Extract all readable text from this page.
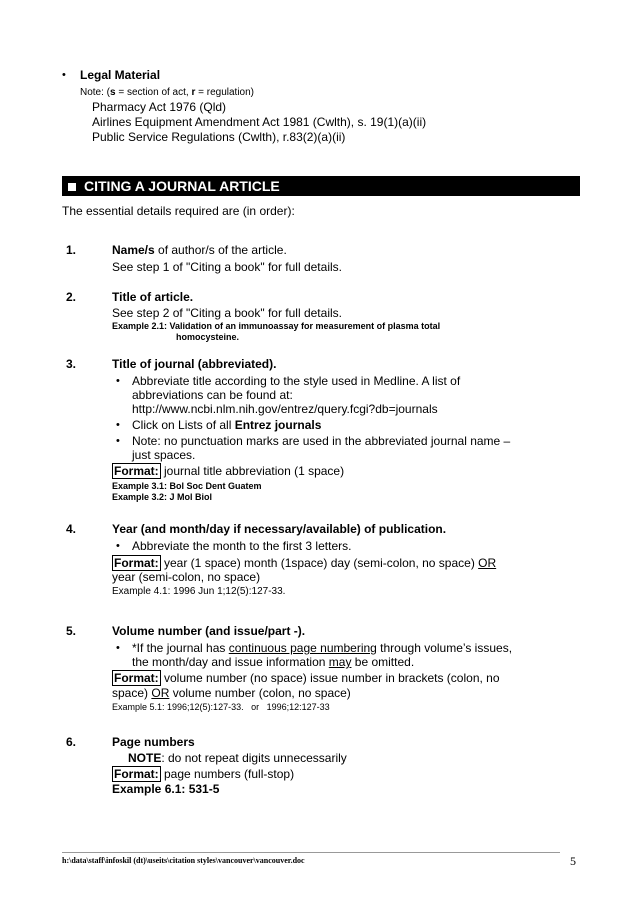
• Legal Material
Note: (s = section of act, r = regulation)
Pharmacy Act 1976 (Qld)
Airlines Equipment Amendment Act 1981 (Cwlth), s. 19(1)(a)(ii)
Public Service Regulations (Cwlth), r.83(2)(a)(ii)
CITING A JOURNAL ARTICLE
The essential details required are (in order):
1.	Name/s of author/s of the article.
See step 1 of "Citing a book" for full details.
2.	Title of article.
See step 2 of "Citing a book" for full details.
Example 2.1: Validation of an immunoassay for measurement of plasma total
homocysteine.
3.	Title of journal (abbreviated).
• Abbreviate title according to the style used in Medline. A list of
abbreviations can be found at:
http://www.ncbi.nlm.nih.gov/entrez/query.fcgi?db=journals
• Click on Lists of all Entrez journals
• Note: no punctuation marks are used in the abbreviated journal name –
just spaces.
Format: journal title abbreviation (1 space)
Example 3.1: Bol Soc Dent Guatem
Example 3.2: J Mol Biol
4.	Year (and month/day if necessary/available) of publication.
• Abbreviate the month to the first 3 letters.
Format: year (1 space) month (1space) day (semi-colon, no space) OR
year (semi-colon, no space)
Example 4.1: 1996 Jun 1;12(5):127-33.
5.	Volume number (and issue/part -).
• *If the journal has continuous page numbering through volume’s issues,
the month/day and issue information may be omitted.
Format: volume number (no space) issue number in brackets (colon, no
space) OR volume number (colon, no space)
Example 5.1: 1996;12(5):127-33.   or   1996;12:127-33
6.	Page numbers
NOTE: do not repeat digits unnecessarily
Format: page numbers (full-stop)
Example 6.1: 531-5
h:\data\staff\infoskil (dt)\useits\citation styles\vancouver\vancouver.doc	5
